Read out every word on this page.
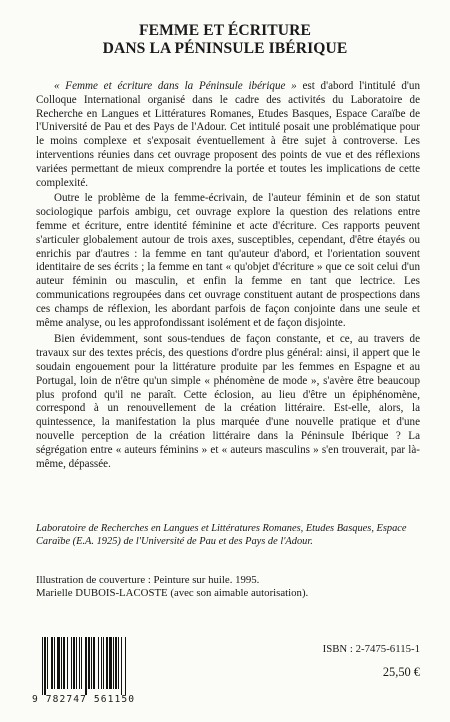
FEMME ET ÉCRITURE
DANS LA PÉNINSULE IBÉRIQUE

« Femme et écriture dans la Péninsule ibérique » est d'abord l'intitulé d'un Colloque International organisé dans le cadre des activités du Laboratoire de Recherche en Langues et Littératures Romanes, Etudes Basques, Espace Caraïbe de l'Université de Pau et des Pays de l'Adour. Cet intitulé posait une problématique pour le moins complexe et s'exposait éventuellement à être sujet à controverse. Les interventions réunies dans cet ouvrage proposent des points de vue et des réflexions variées permettant de mieux comprendre la portée et toutes les implications de cette complexité.

Outre le problème de la femme-écrivain, de l'auteur féminin et de son statut sociologique parfois ambigu, cet ouvrage explore la question des relations entre femme et écriture, entre identité féminine et acte d'écriture. Ces rapports peuvent s'articuler globalement autour de trois axes, susceptibles, cependant, d'être étayés ou enrichis par d'autres : la femme en tant qu'auteur d'abord, et l'orientation souvent identitaire de ses écrits ; la femme en tant « qu'objet d'écriture » que ce soit celui d'un auteur féminin ou masculin, et enfin la femme en tant que lectrice. Les communications regroupées dans cet ouvrage constituent autant de prospections dans ces champs de réflexion, les abordant parfois de façon conjointe dans une seule et même analyse, ou les approfondissant isolément et de façon disjointe.

Bien évidemment, sont sous-tendues de façon constante, et ce, au travers de travaux sur des textes précis, des questions d'ordre plus général: ainsi, il appert que le soudain engouement pour la littérature produite par les femmes en Espagne et au Portugal, loin de n'être qu'un simple « phénomène de mode », s'avère être beaucoup plus profond qu'il ne paraît. Cette éclosion, au lieu d'être un épiphénomène, correspond à un renouvellement de la création littéraire. Est-elle, alors, la quintessence, la manifestation la plus marquée d'une nouvelle pratique et d'une nouvelle perception de la création littéraire dans la Péninsule Ibérique ? La ségrégation entre « auteurs féminins » et « auteurs masculins » s'en trouverait, par là-même, dépassée.

Laboratoire de Recherches en Langues et Littératures Romanes, Etudes Basques, Espace Caraïbe (E.A. 1925) de l'Université de Pau et des Pays de l'Adour.
Illustration de couverture : Peinture sur huile. 1995.
Marielle DUBOIS-LACOSTE (avec son aimable autorisation).
9 782747 561150
ISBN : 2-7475-6115-1
25,50 €
